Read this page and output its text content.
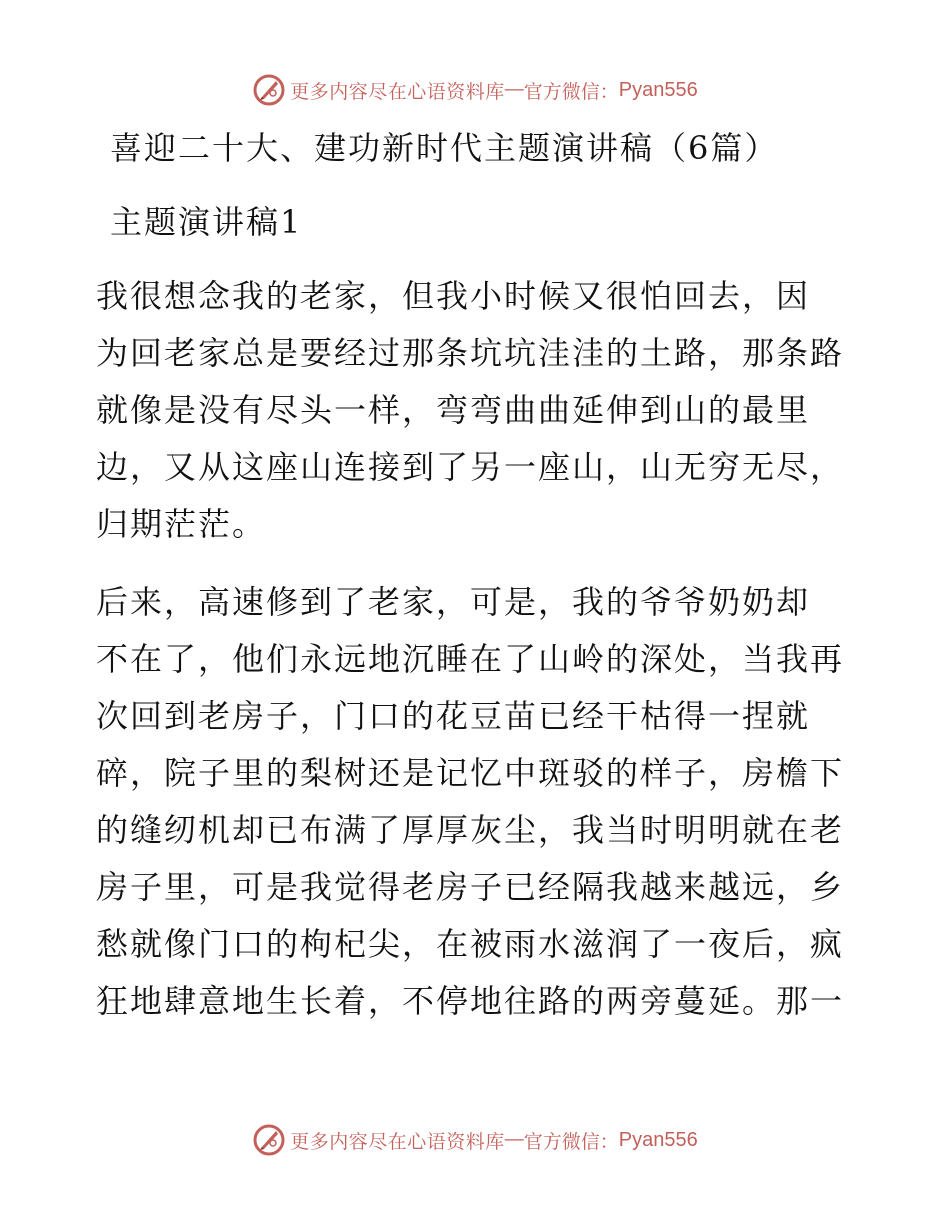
更多内容尽在心语资料库 — 官方微信： Pyan556
喜迎二十大、建功新时代主题演讲稿（6篇）
主题演讲稿1
我很想念我的老家，但我小时候又很怕回去，因
为回老家总是要经过那条坑坑洼洼的土路，那条路
就像是没有尽头一样，弯弯曲曲延伸到山的最里
边，又从这座山连接到了另一座山，山无穷无尽，
归期茫茫。
后来，高速修到了老家，可是，我的爷爷奶奶却
不在了，他们永远地沉睡在了山岭的深处，当我再
次回到老房子，门口的花豆苗已经干枯得一捏就
碎，院子里的梨树还是记忆中斑驳的样子，房檐下
的缝纫机却已布满了厚厚灰尘，我当时明明就在老
房子里，可是我觉得老房子已经隔我越来越远，乡
愁就像门口的枸杞尖，在被雨水滋润了一夜后，疯
狂地肆意地生长着，不停地往路的两旁蔓延。那一
更多内容尽在心语资料库 — 官方微信： Pyan556
